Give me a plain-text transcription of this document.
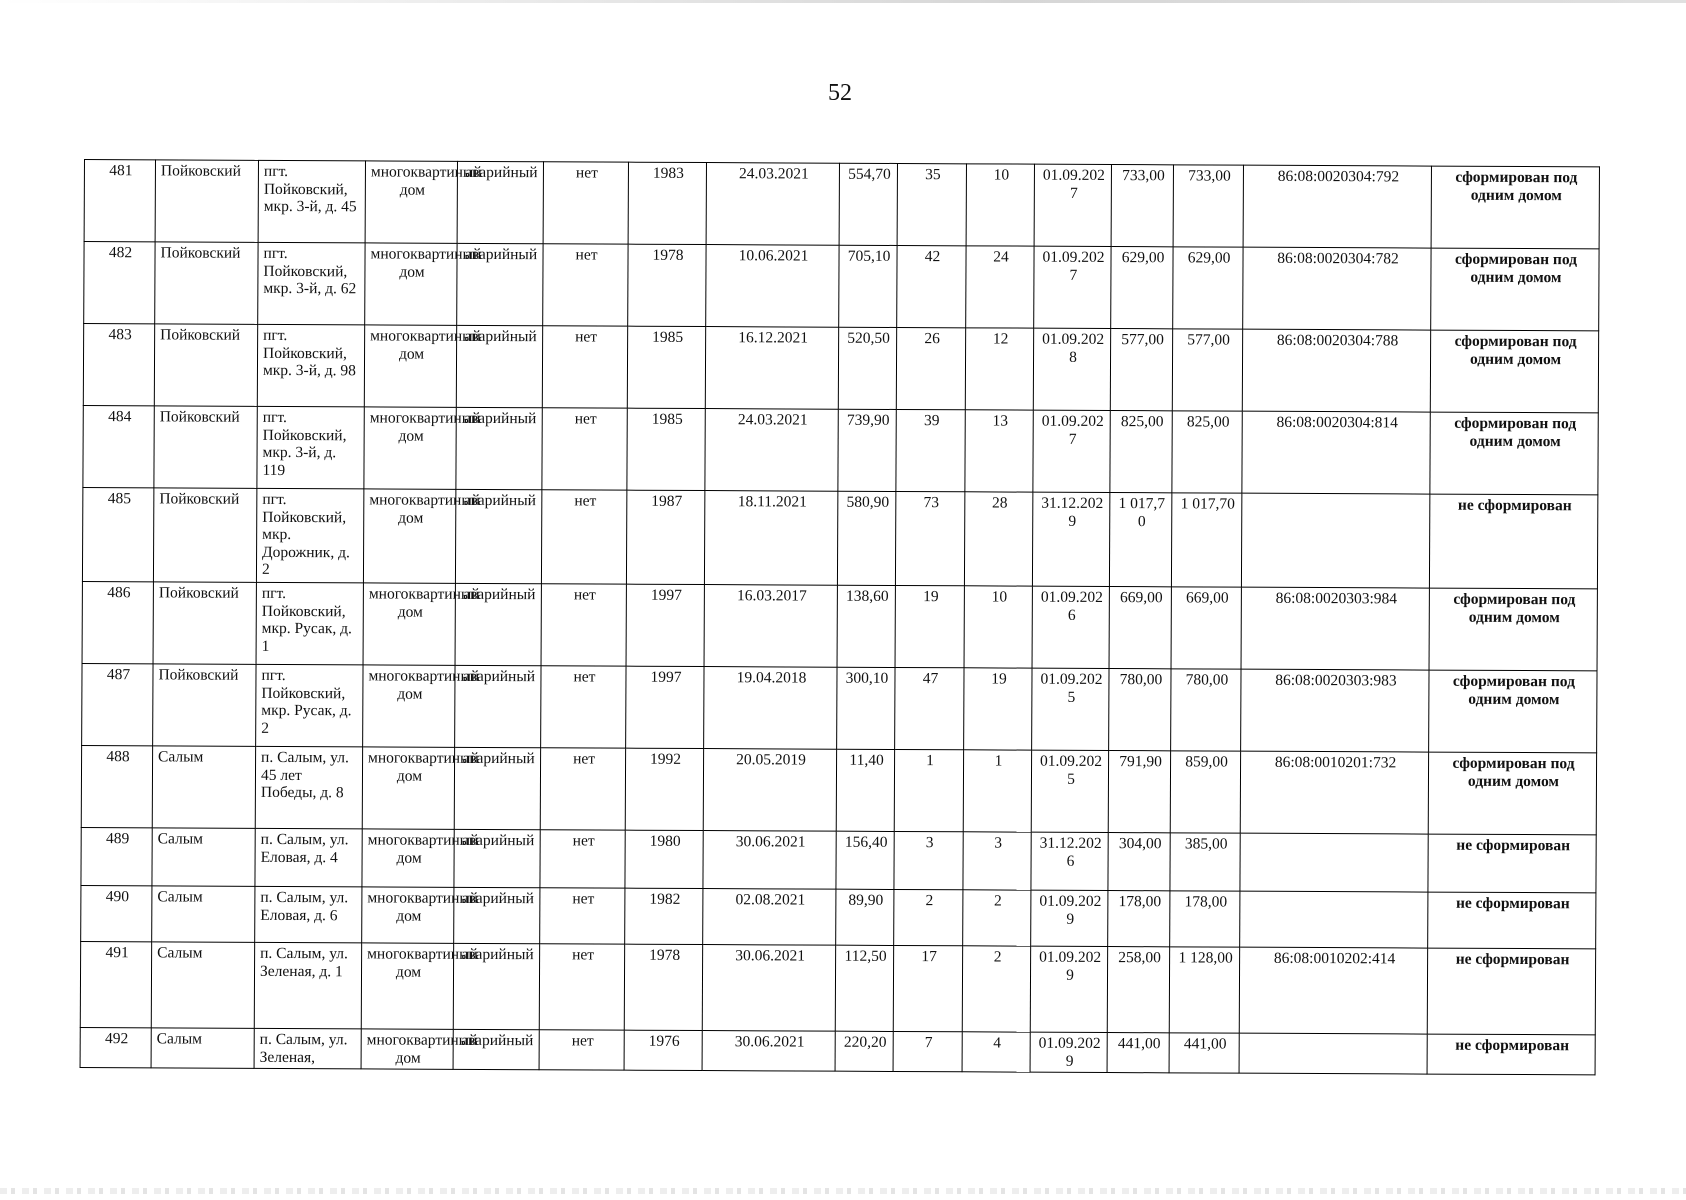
52
481	Пойковский	пгт. Пойковский, мкр. 3-й, д. 45	многоквартиный дом	аварийный	нет	1983	24.03.2021	554,70	35	10	01.09.2027	733,00	733,00	86:08:0020304:792	сформирован под одним домом
482	Пойковский	пгт. Пойковский, мкр. 3-й, д. 62	многоквартиный дом	аварийный	нет	1978	10.06.2021	705,10	42	24	01.09.2027	629,00	629,00	86:08:0020304:782	сформирован под одним домом
483	Пойковский	пгт. Пойковский, мкр. 3-й, д. 98	многоквартиный дом	аварийный	нет	1985	16.12.2021	520,50	26	12	01.09.2028	577,00	577,00	86:08:0020304:788	сформирован под одним домом
484	Пойковский	пгт. Пойковский, мкр. 3-й, д. 119	многоквартиный дом	аварийный	нет	1985	24.03.2021	739,90	39	13	01.09.2027	825,00	825,00	86:08:0020304:814	сформирован под одним домом
485	Пойковский	пгт. Пойковский, мкр. Дорожник, д. 2	многоквартиный дом	аварийный	нет	1987	18.11.2021	580,90	73	28	31.12.2029	1 017,70	1 017,70		не сформирован
486	Пойковский	пгт. Пойковский, мкр. Русак, д. 1	многоквартиный дом	аварийный	нет	1997	16.03.2017	138,60	19	10	01.09.2026	669,00	669,00	86:08:0020303:984	сформирован под одним домом
487	Пойковский	пгт. Пойковский, мкр. Русак, д. 2	многоквартиный дом	аварийный	нет	1997	19.04.2018	300,10	47	19	01.09.2025	780,00	780,00	86:08:0020303:983	сформирован под одним домом
488	Салым	п. Салым, ул. 45 лет Победы, д. 8	многоквартиный дом	аварийный	нет	1992	20.05.2019	11,40	1	1	01.09.2025	791,90	859,00	86:08:0010201:732	сформирован под одним домом
489	Салым	п. Салым, ул. Еловая, д. 4	многоквартиный дом	аварийный	нет	1980	30.06.2021	156,40	3	3	31.12.2026	304,00	385,00		не сформирован
490	Салым	п. Салым, ул. Еловая, д. 6	многоквартиный дом	аварийный	нет	1982	02.08.2021	89,90	2	2	01.09.2029	178,00	178,00		не сформирован
491	Салым	п. Салым, ул. Зеленая, д. 1	многоквартиный дом	аварийный	нет	1978	30.06.2021	112,50	17	2	01.09.2029	258,00	1 128,00	86:08:0010202:414	не сформирован
492	Салым	п. Салым, ул. Зеленая,	многоквартиный дом	аварийный	нет	1976	30.06.2021	220,20	7	4	01.09.2029	441,00	441,00		не сформирован
